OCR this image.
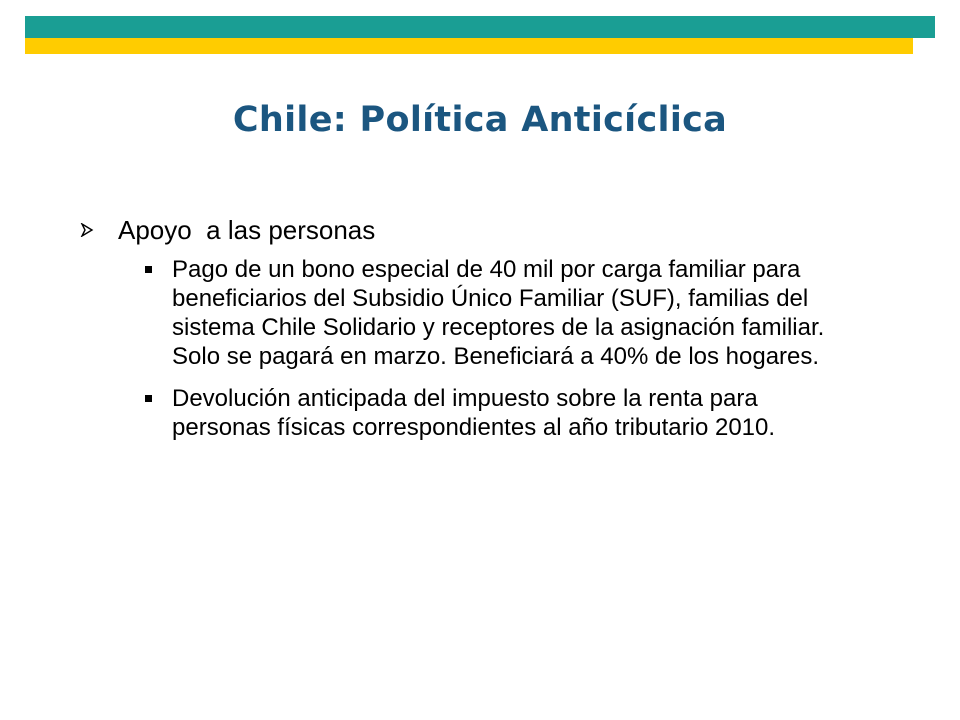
Chile: Política Anticíclica
Apoyo  a las personas
Pago de un bono especial de 40 mil por carga familiar para beneficiarios del Subsidio Único Familiar (SUF), familias del sistema Chile Solidario y receptores de la asignación familiar. Solo se pagará en marzo. Beneficiará a 40% de los hogares.
Devolución anticipada del impuesto sobre la renta para personas físicas correspondientes al año tributario 2010.
